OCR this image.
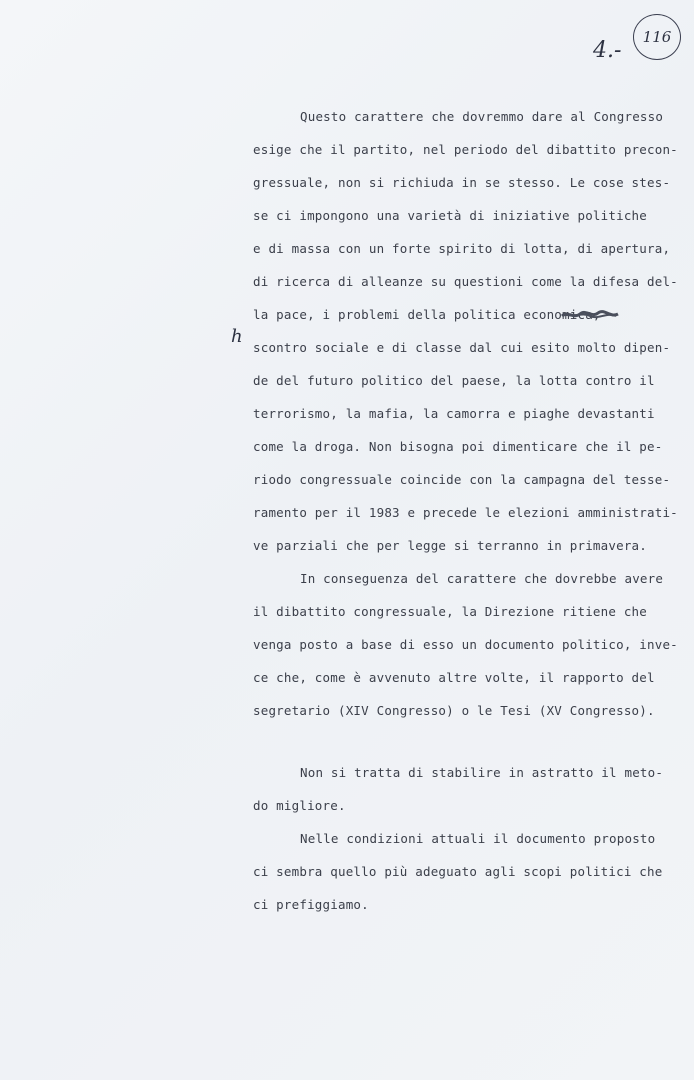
4.-
116
Questo carattere che dovremmo dare al Congresso
esige che il partito, nel periodo del dibattito precon-
gressuale, non si richiuda in se stesso. Le cose stes-
se ci impongono una varietà di iniziative politiche
e di massa con un forte spirito di lotta, di apertura,
di ricerca di alleanze su questioni come la difesa del-
la pace, i problemi della politica economica,
h
scontro sociale e di classe dal cui esito molto dipen-
de del futuro politico del paese, la lotta contro il
terrorismo, la mafia, la camorra e piaghe devastanti
come la droga. Non bisogna poi dimenticare che il pe-
riodo congressuale coincide con la campagna del tesse-
ramento per il 1983 e precede le elezioni amministrati-
ve parziali che per legge si terranno in primavera.
In conseguenza del carattere che dovrebbe avere
il dibattito congressuale, la Direzione ritiene che
venga posto a base di esso un documento politico, inve-
ce che, come è avvenuto altre volte, il rapporto del
segretario (XIV Congresso) o le Tesi (XV Congresso).
Non si tratta di stabilire in astratto il meto-
do migliore.
Nelle condizioni attuali il documento proposto
ci sembra quello più adeguato agli scopi politici che
ci prefiggiamo.
